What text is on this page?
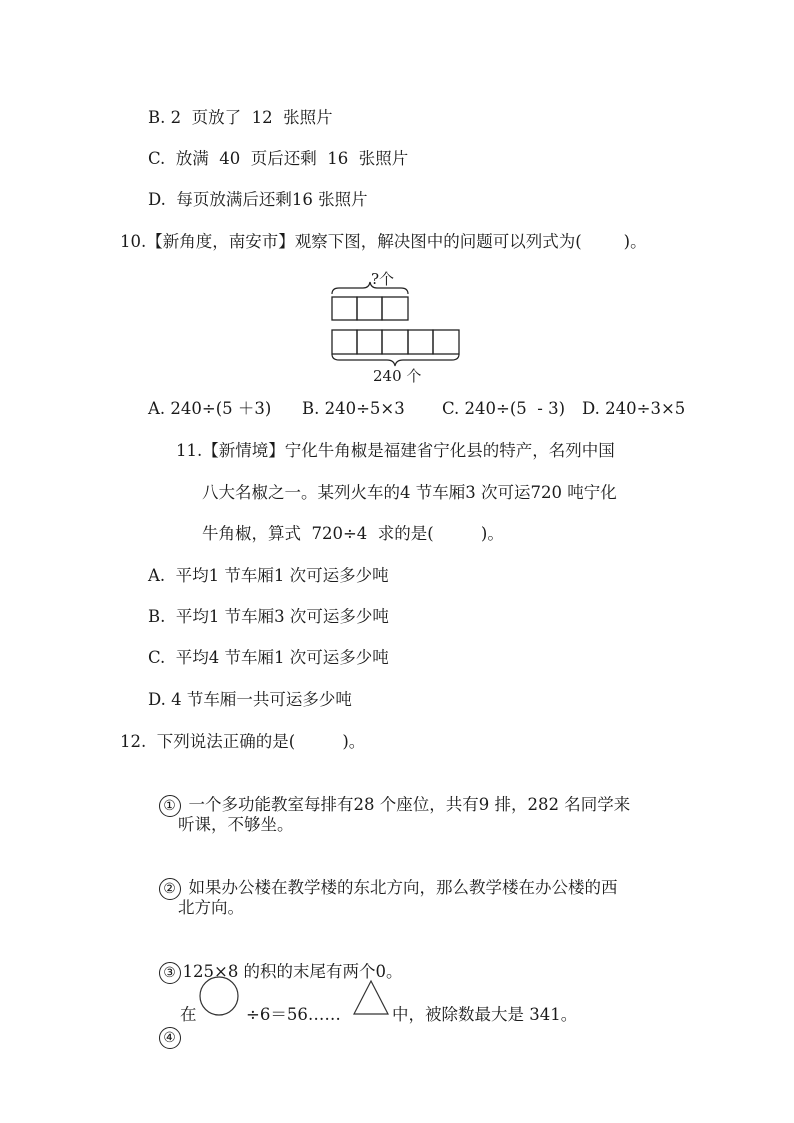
B. 2  页放了  12  张照片
C.  放满  40  页后还剩  16  张照片
D.  每页放满后还剩16 张照片
10.【新角度，南安市】观察下图，解决图中的问题可以列式为(        )。
?个
240 个
A. 240÷(5 ＋3) B. 240÷5×3 C. 240÷(5  - 3) D. 240÷3×5
11.【新情境】宁化牛角椒是福建省宁化县的特产，名列中国
八大名椒之一。某列火车的4 节车厢3 次可运720 吨宁化
牛角椒，算式  720÷4  求的是(         )。
A.  平均1 节车厢1 次可运多少吨
B.  平均1 节车厢3 次可运多少吨
C.  平均4 节车厢1 次可运多少吨
D. 4 节车厢一共可运多少吨
12.  下列说法正确的是(         )。

① 一个多功能教室每排有28 个座位，共有9 排，282 名同学来

听课，不够坐。

② 如果办公楼在教学楼的东北方向，那么教学楼在办公楼的西

北方向。

③ 125×8 的积的末尾有两个0。

④

在	÷6＝56……	中，被除数最大是 341。
